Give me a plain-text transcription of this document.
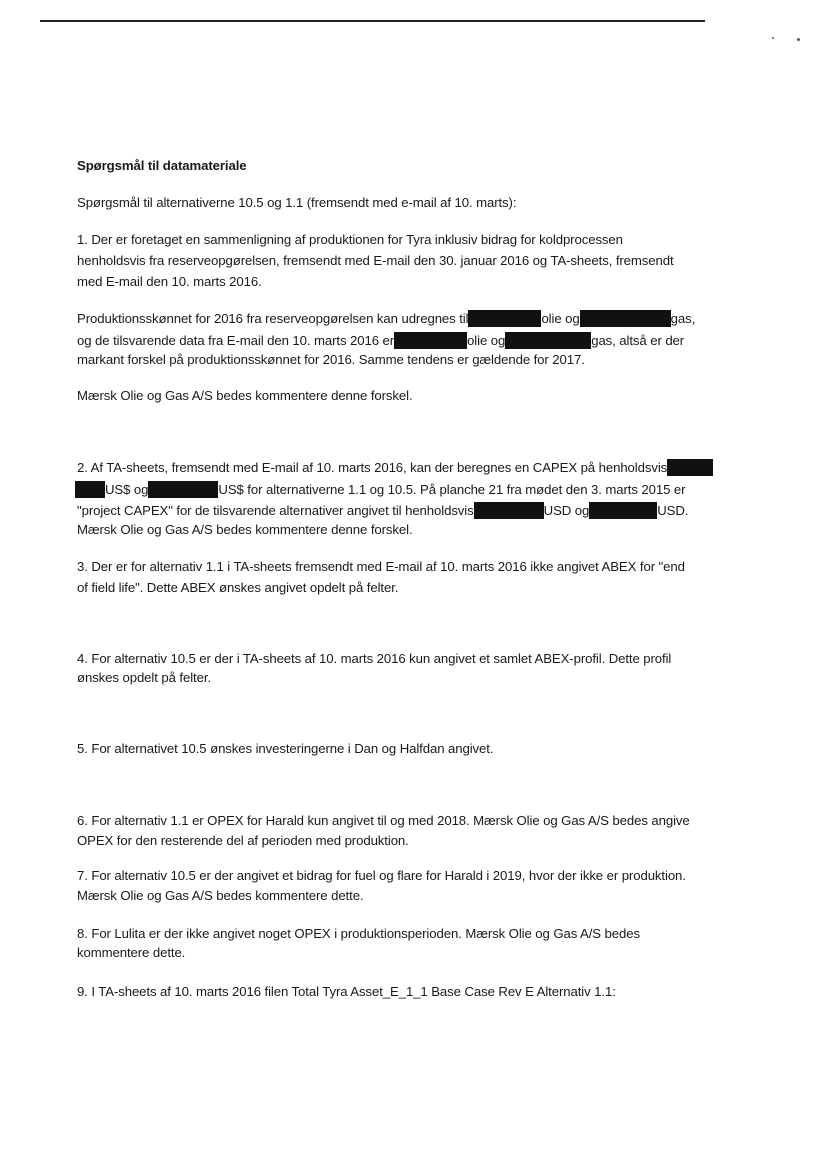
Spørgsmål til datamateriale
Spørgsmål til alternativerne 10.5 og 1.1 (fremsendt med e-mail af 10. marts):
1. Der er foretaget en sammenligning af produktionen for Tyra inklusiv bidrag for koldprocessen
henholdsvis fra reserveopgørelsen, fremsendt med E-mail den 30. januar 2016 og TA-sheets, fremsendt
med E-mail den 10. marts 2016.
Produktionsskønnet for 2016 fra reserveopgørelsen kan udregnes til	olie og	gas,
og de tilsvarende data fra E-mail den 10. marts 2016 er	olie og	gas, altså er der
markant forskel på produktionsskønnet for 2016. Samme tendens er gældende for 2017.
Mærsk Olie og Gas A/S bedes kommentere denne forskel.
2. Af TA-sheets, fremsendt med E-mail af 10. marts 2016, kan der beregnes en CAPEX på henholdsvis
US$ og	US$ for alternativerne 1.1 og 10.5. På planche 21 fra mødet den 3. marts 2015 er
"project CAPEX" for de tilsvarende alternativer angivet til henholdsvis	USD og	USD.
Mærsk Olie og Gas A/S bedes kommentere denne forskel.
3. Der er for alternativ 1.1 i TA-sheets fremsendt med E-mail af 10. marts 2016 ikke angivet ABEX for "end
of field life". Dette ABEX ønskes angivet opdelt på felter.
4. For alternativ 10.5 er der i TA-sheets af 10. marts 2016 kun angivet et samlet ABEX-profil. Dette profil
ønskes opdelt på felter.
5. For alternativet 10.5 ønskes investeringerne i Dan og Halfdan angivet.
6. For alternativ 1.1 er OPEX for Harald kun angivet til og med 2018. Mærsk Olie og Gas A/S bedes angive
OPEX for den resterende del af perioden med produktion.
7. For alternativ 10.5 er der angivet et bidrag for fuel og flare for Harald i 2019, hvor der ikke er produktion.
Mærsk Olie og Gas A/S bedes kommentere dette.
8. For Lulita er der ikke angivet noget OPEX i produktionsperioden. Mærsk Olie og Gas A/S bedes
kommentere dette.
9. I TA-sheets af 10. marts 2016 filen Total Tyra Asset_E_1_1 Base Case Rev E Alternativ 1.1:
